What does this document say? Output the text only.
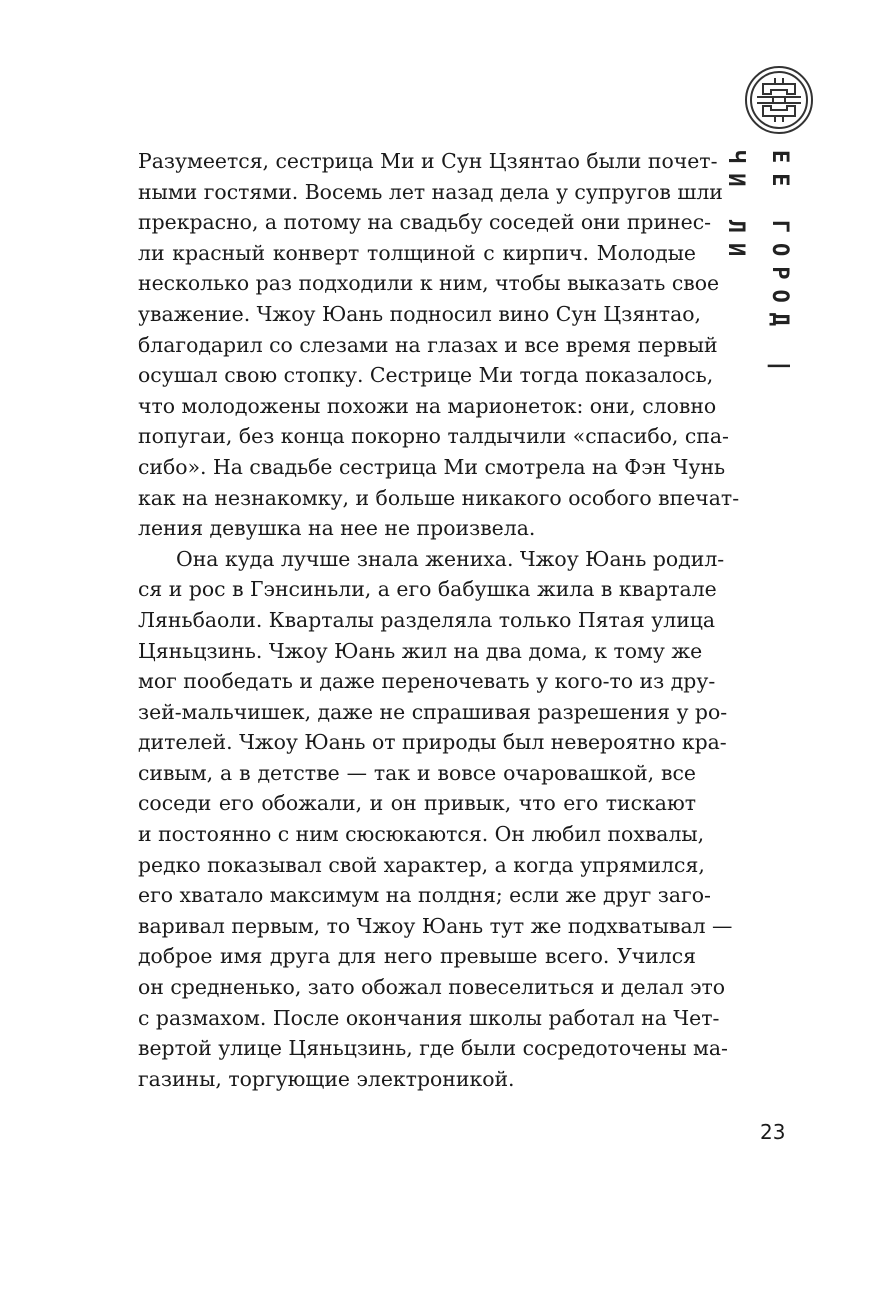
ЕЕ ГОРОД | ЧИ ЛИ

Разумеется, сестрица Ми и Сун Цзянтао были почет-
ными гостями. Восемь лет назад дела у супругов шли
прекрасно, а потому на свадьбу соседей они принес-
ли красный конверт толщиной с кирпич. Молодые
несколько раз подходили к ним, чтобы выказать свое
уважение. Чжоу Юань подносил вино Сун Цзянтао,
благодарил со слезами на глазах и все время первый
осушал свою стопку. Сестрице Ми тогда показалось,
что молодожены похожи на марионеток: они, словно
попугаи, без конца покорно талдычили «спасибо, спа-
сибо». На свадьбе сестрица Ми смотрела на Фэн Чунь
как на незнакомку, и больше никакого особого впечат-
ления девушка на нее не произвела.

Она куда лучше знала жениха. Чжоу Юань родил-
ся и рос в Гэнсиньли, а его бабушка жила в квартале
Ляньбаоли. Кварталы разделяла только Пятая улица
Цяньцзинь. Чжоу Юань жил на два дома, к тому же
мог пообедать и даже переночевать у кого-то из дру-
зей-мальчишек, даже не спрашивая разрешения у ро-
дителей. Чжоу Юань от природы был невероятно кра-
сивым, а в детстве — так и вовсе очаровашкой, все
соседи его обожали, и он привык, что его тискают
и постоянно с ним сюсюкаются. Он любил похвалы,
редко показывал свой характер, а когда упрямился,
его хватало максимум на полдня; если же друг заго-
варивал первым, то Чжоу Юань тут же подхватывал —
доброе имя друга для него превыше всего. Учился
он средненько, зато обожал повеселиться и делал это
с размахом. После окончания школы работал на Чет-
вертой улице Цяньцзинь, где были сосредоточены ма-
газины, торгующие электроникой.

23
